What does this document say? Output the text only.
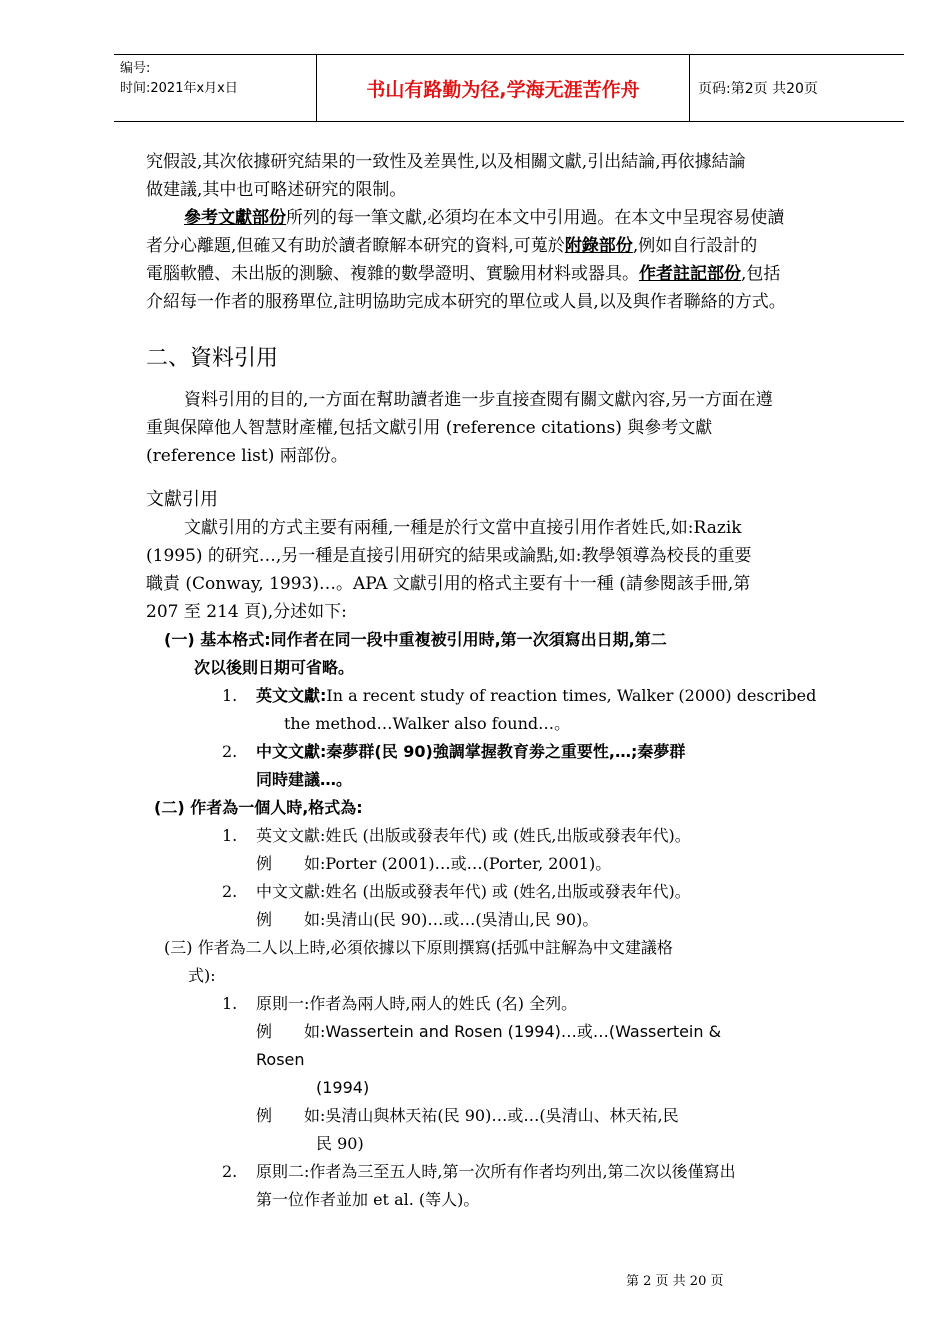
编号:
时间:2021年x月x日	书山有路勤为径,学海无涯苦作舟	页码:第2页 共20页

究假設,其次依據研究結果的一致性及差異性,以及相關文獻,引出結論,再依據結論

做建議,其中也可略述研究的限制。

參考文獻部份所列的每一筆文獻,必須均在本文中引用過。在本文中呈現容易使讀

者分心離題,但確又有助於讀者瞭解本研究的資料,可蒐於附錄部份,例如自行設計的

電腦軟體、未出版的測驗、複雜的數學證明、實驗用材料或器具。作者註記部份,包括

介紹每一作者的服務單位,註明協助完成本研究的單位或人員,以及與作者聯絡的方式。

二、資料引用

資料引用的目的,一方面在幫助讀者進一步直接查閱有關文獻內容,另一方面在遵

重與保障他人智慧財產權,包括文獻引用 (reference citations) 與參考文獻

(reference list) 兩部份。

文獻引用

文獻引用的方式主要有兩種,一種是於行文當中直接引用作者姓氏,如:Razik

(1995) 的研究…,另一種是直接引用研究的結果或論點,如:教學領導為校長的重要

職責 (Conway, 1993)…。APA 文獻引用的格式主要有十一種 (請參閱該手冊,第

207 至 214 頁),分述如下:

(一) 基本格式:同作者在同一段中重複被引用時,第一次須寫出日期,第二

次以後則日期可省略。

1. 英文文獻:In a recent study of reaction times, Walker (2000) described

the method…Walker also found…。

2. 中文文獻:秦夢群(民 90)強調掌握教育劵之重要性,…;秦夢群

同時建議…。

(二) 作者為一個人時,格式為:

1. 英文文獻:姓氏 (出版或發表年代) 或 (姓氏,出版或發表年代)。

例　　如:Porter (2001)…或…(Porter, 2001)。

2. 中文文獻:姓名 (出版或發表年代) 或 (姓名,出版或發表年代)。

例　　如:吳清山(民 90)…或…(吳清山,民 90)。

(三) 作者為二人以上時,必須依據以下原則撰寫(括弧中註解為中文建議格

式):

1. 原則一:作者為兩人時,兩人的姓氏 (名) 全列。

例　　如:Wassertein and Rosen (1994)…或…(Wassertein &

Rosen

(1994)

例　　如:吳清山與林天祐(民 90)…或…(吳清山、林天祐,民

民 90)

2. 原則二:作者為三至五人時,第一次所有作者均列出,第二次以後僅寫出

第一位作者並加 et al. (等人)。

第 2 页 共 20 页
